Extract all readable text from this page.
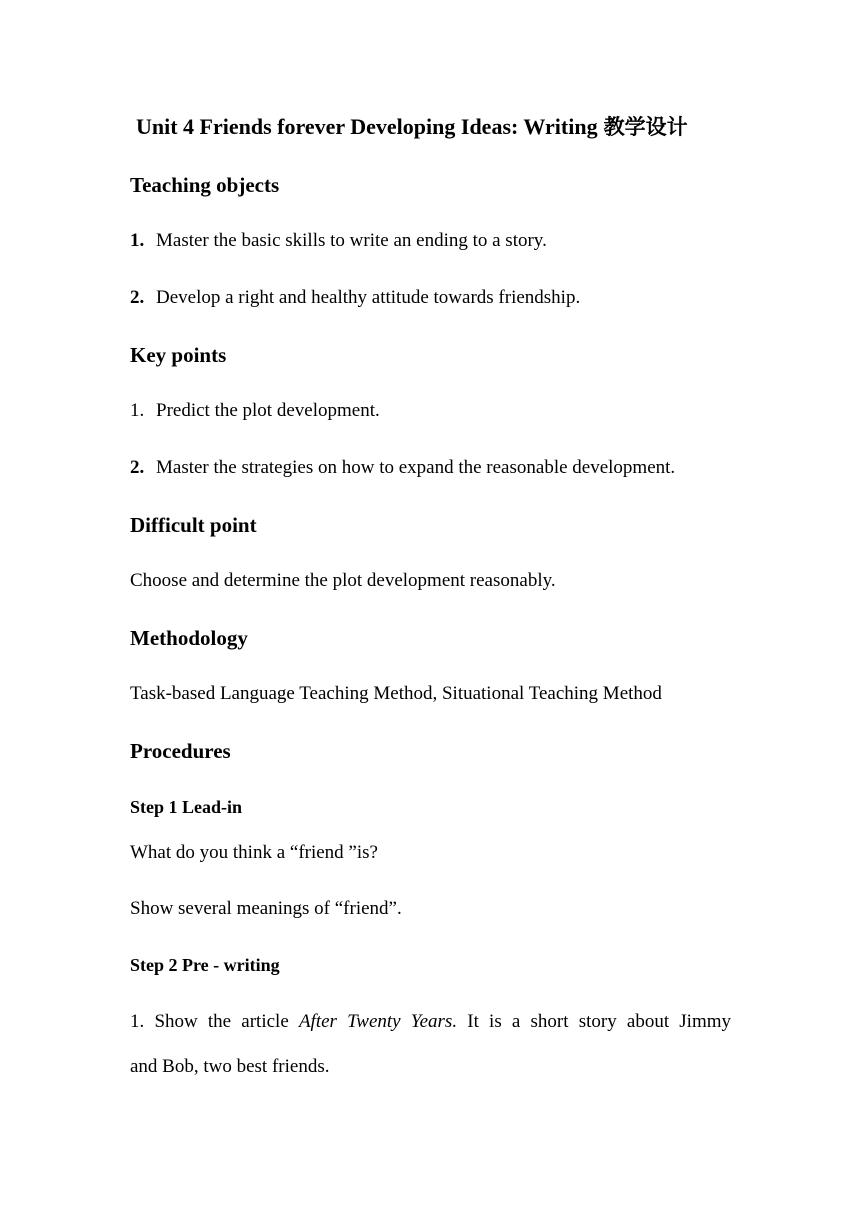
Unit 4 Friends forever Developing Ideas: Writing 教学设计
Teaching objects
1. Master the basic skills to write an ending to a story.
2. Develop a right and healthy attitude towards friendship.
Key points
1. Predict the plot development.
2. Master the strategies on how to expand the reasonable development.
Difficult point
Choose and determine the plot development reasonably.
Methodology
Task-based Language Teaching Method, Situational Teaching Method
Procedures
Step 1 Lead-in
What do you think a “friend ”is?
Show several meanings of “friend”.
Step 2 Pre - writing
1. Show the article After Twenty Years. It is a short story about Jimmy
and Bob, two best friends.
